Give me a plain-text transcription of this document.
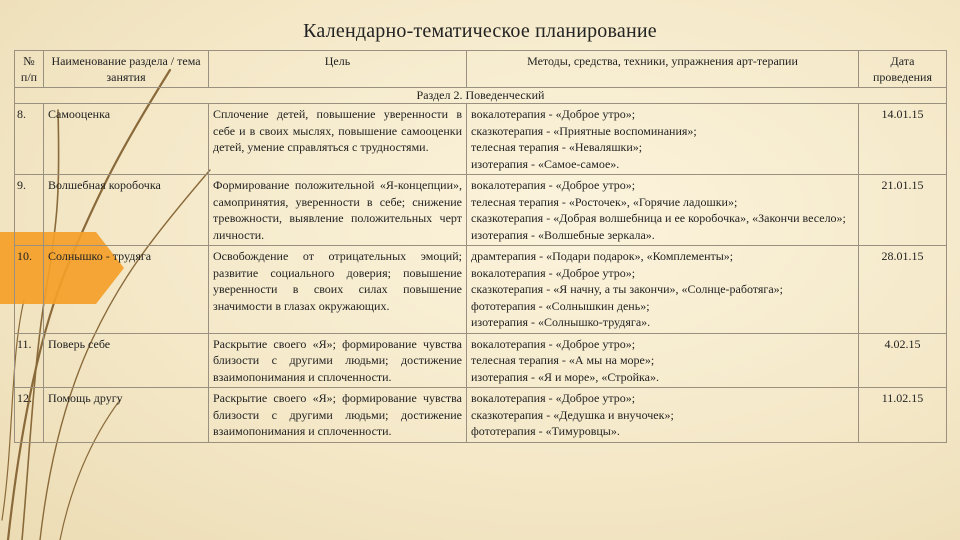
Календарно-тематическое планирование
№ п/п	Наименование раздела / тема занятия	Цель	Методы, средства, техники, упражнения арт-терапии	Дата проведения
Раздел 2. Поведенческий				
8.	Самооценка	Сплочение детей, повышение уверенности в себе и в своих мыслях, повышение самооценки детей, умение справляться с трудностями.	вокалотерапия - «Доброе утро»;
сказкотерапия - «Приятные воспоминания»;
телесная терапия - «Неваляшки»;
изотерапия - «Самое-самое».	14.01.15
9.	Волшебная коробочка	Формирование положительной «Я-концепции», самопринятия, уверенности в себе; снижение тревожности, выявление положительных черт личности.	вокалотерапия - «Доброе утро»;
телесная терапия - «Росточек», «Горячие ладошки»;
сказкотерапия - «Добрая волшебница и ее коробочка», «Закончи весело»;
изотерапия - «Волшебные зеркала».	21.01.15
10.	Солнышко - трудяга	Освобождение от отрицательных эмоций; развитие социального доверия; повышение уверенности в своих силах повышение значимости в глазах окружающих.	драмтерапия - «Подари подарок», «Комплементы»;
вокалотерапия - «Доброе утро»;
сказкотерапия - «Я начну, а ты закончи», «Солнце-работяга»;
фототерапия - «Солнышкин день»;
изотерапия - «Солнышко-трудяга».	28.01.15
11.	Поверь себе	Раскрытие своего «Я»; формирование чувства близости с другими людьми; достижение взаимопонимания и сплоченности.	вокалотерапия - «Доброе утро»;
телесная терапия - «А мы на море»;
изотерапия - «Я и море», «Стройка».	4.02.15
12.	Помощь другу	Раскрытие своего «Я»; формирование чувства близости с другими людьми; достижение взаимопонимания и сплоченности.	вокалотерапия - «Доброе утро»;
сказкотерапия - «Дедушка и внучочек»;
фототерапия - «Тимуровцы».	11.02.15
